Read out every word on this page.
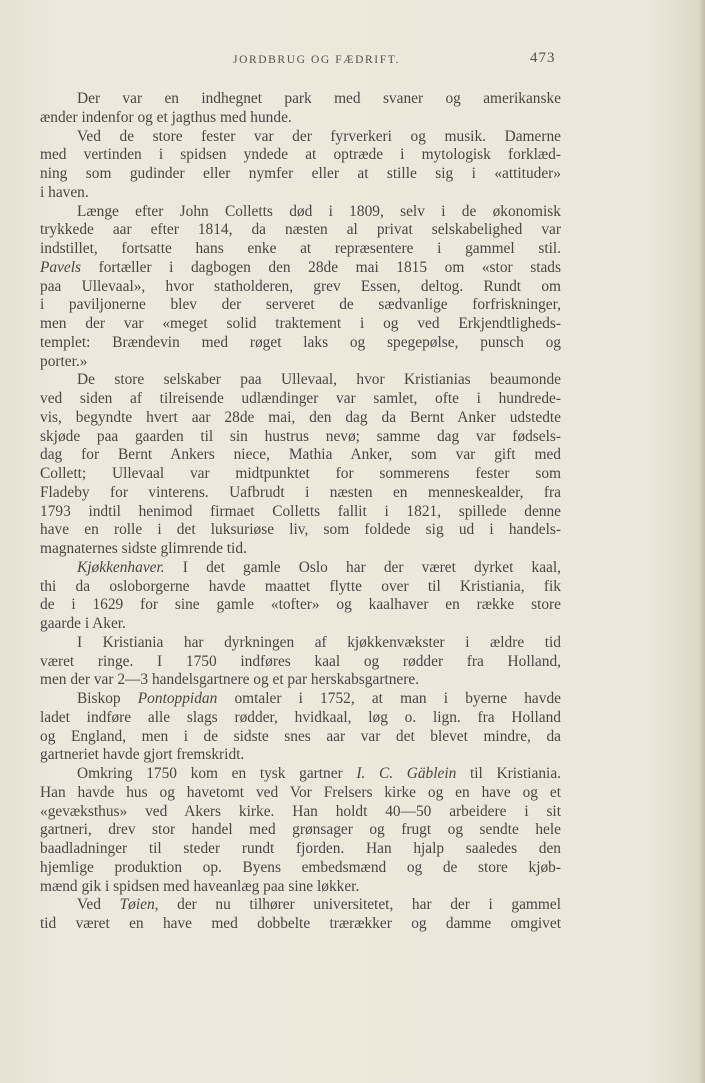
JORDBRUG OG FÆDRIFT.	473
Der var en indhegnet park med svaner og amerikanske
ænder indenfor og et jagthus med hunde.
Ved de store fester var der fyrverkeri og musik. Damerne
med vertinden i spidsen yndede at optræde i mytologisk forklæd-
ning som gudinder eller nymfer eller at stille sig i «attituder»
i haven.
Længe efter John Colletts død i 1809, selv i de økonomisk
trykkede aar efter 1814, da næsten al privat selskabelighed var
indstillet, fortsatte hans enke at repræsentere i gammel stil.
Pavels fortæller i dagbogen den 28de mai 1815 om «stor stads
paa Ullevaal», hvor statholderen, grev Essen, deltog. Rundt om
i paviljonerne blev der serveret de sædvanlige forfriskninger,
men der var «meget solid traktement i og ved Erkjendtligheds-
templet: Brændevin med røget laks og spegepølse, punsch og
porter.»
De store selskaber paa Ullevaal, hvor Kristianias beaumonde
ved siden af tilreisende udlændinger var samlet, ofte i hundrede-
vis, begyndte hvert aar 28de mai, den dag da Bernt Anker udstedte
skjøde paa gaarden til sin hustrus nevø; samme dag var fødsels-
dag for Bernt Ankers niece, Mathia Anker, som var gift med
Collett; Ullevaal var midtpunktet for sommerens fester som
Fladeby for vinterens. Uafbrudt i næsten en menneskealder, fra
1793 indtil henimod firmaet Colletts fallit i 1821, spillede denne
have en rolle i det luksuriøse liv, som foldede sig ud i handels-
magnaternes sidste glimrende tid.
Kjøkkenhaver. I det gamle Oslo har der været dyrket kaal,
thi da osloborgerne havde maattet flytte over til Kristiania, fik
de i 1629 for sine gamle «tofter» og kaalhaver en række store
gaarde i Aker.
I Kristiania har dyrkningen af kjøkkenvækster i ældre tid
været ringe. I 1750 indføres kaal og rødder fra Holland,
men der var 2—3 handelsgartnere og et par herskabsgartnere.
Biskop Pontoppidan omtaler i 1752, at man i byerne havde
ladet indføre alle slags rødder, hvidkaal, løg o. lign. fra Holland
og England, men i de sidste snes aar var det blevet mindre, da
gartneriet havde gjort fremskridt.
Omkring 1750 kom en tysk gartner I. C. Gäblein til Kristiania.
Han havde hus og havetomt ved Vor Frelsers kirke og en have og et
«gevæksthus» ved Akers kirke. Han holdt 40—50 arbeidere i sit
gartneri, drev stor handel med grønsager og frugt og sendte hele
baadladninger til steder rundt fjorden. Han hjalp saaledes den
hjemlige produktion op. Byens embedsmænd og de store kjøb-
mænd gik i spidsen med haveanlæg paa sine løkker.
Ved Tøien, der nu tilhører universitetet, har der i gammel
tid været en have med dobbelte trærækker og damme omgivet
